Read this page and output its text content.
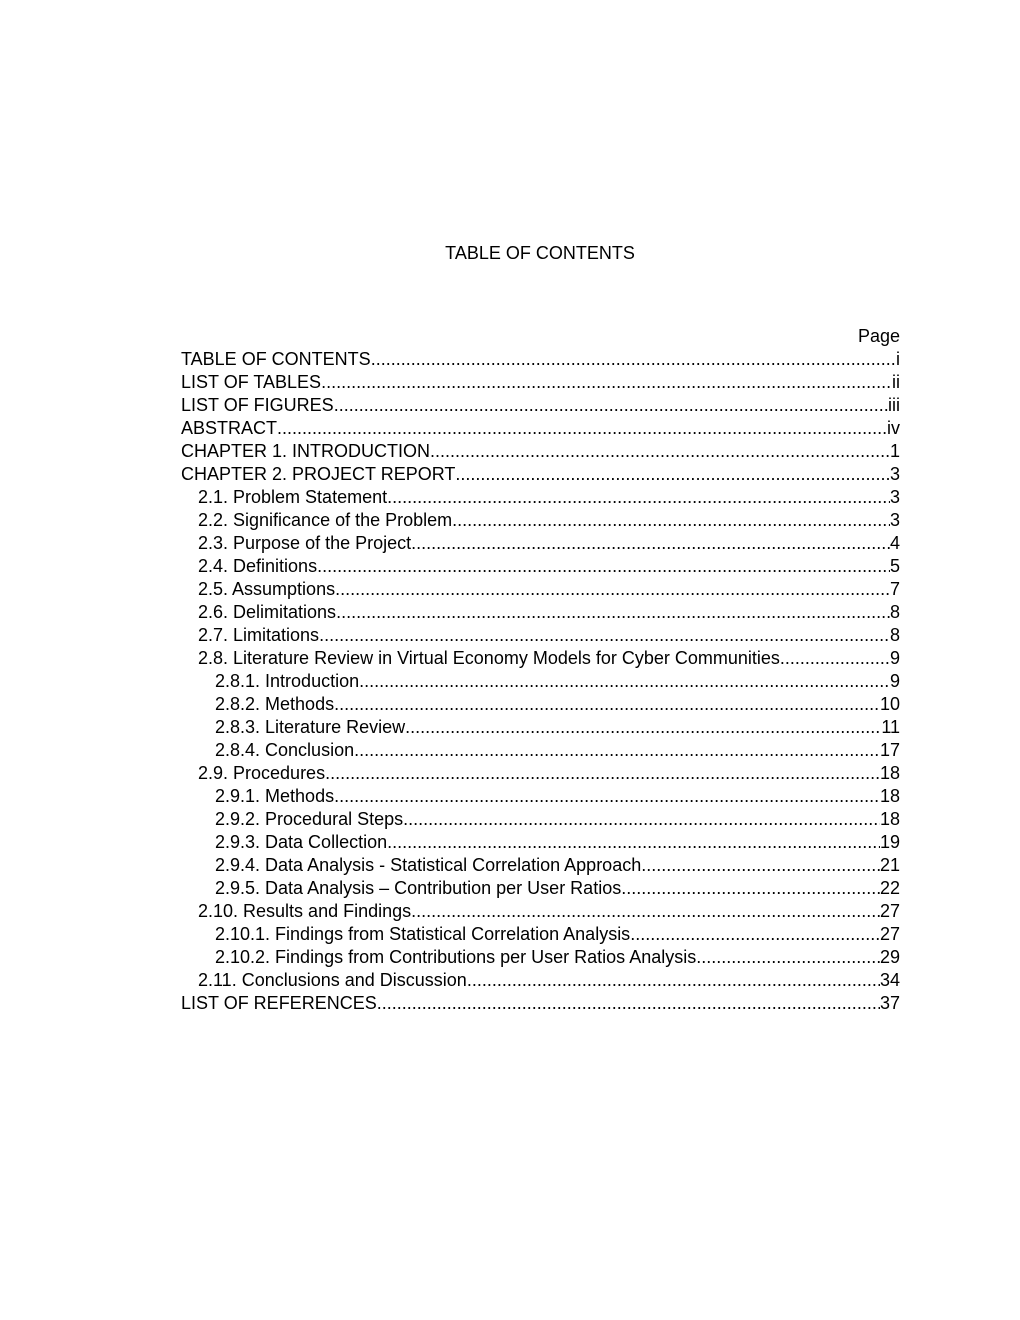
TABLE OF CONTENTS
Page
TABLE OF CONTENTS .....	i
LIST OF TABLES .....	ii
LIST OF FIGURES .....	iii
ABSTRACT .....	iv
CHAPTER 1. INTRODUCTION .....	1
CHAPTER 2. PROJECT REPORT .....	3
2.1. Problem Statement .....	3
2.2. Significance of the Problem .....	3
2.3. Purpose of the Project .....	4
2.4. Definitions .....	5
2.5. Assumptions .....	7
2.6. Delimitations .....	8
2.7. Limitations .....	8
2.8. Literature Review in Virtual Economy Models for Cyber Communities .....	9
2.8.1. Introduction .....	9
2.8.2. Methods .....	10
2.8.3. Literature Review .....	11
2.8.4. Conclusion .....	17
2.9. Procedures .....	18
2.9.1. Methods .....	18
2.9.2. Procedural Steps .....	18
2.9.3. Data Collection .....	19
2.9.4. Data Analysis - Statistical Correlation Approach .....	21
2.9.5. Data Analysis – Contribution per User Ratios .....	22
2.10. Results and Findings .....	27
2.10.1. Findings from Statistical Correlation Analysis .....	27
2.10.2. Findings from Contributions per User Ratios Analysis .....	29
2.11. Conclusions and Discussion .....	34
LIST OF REFERENCES .....	37
